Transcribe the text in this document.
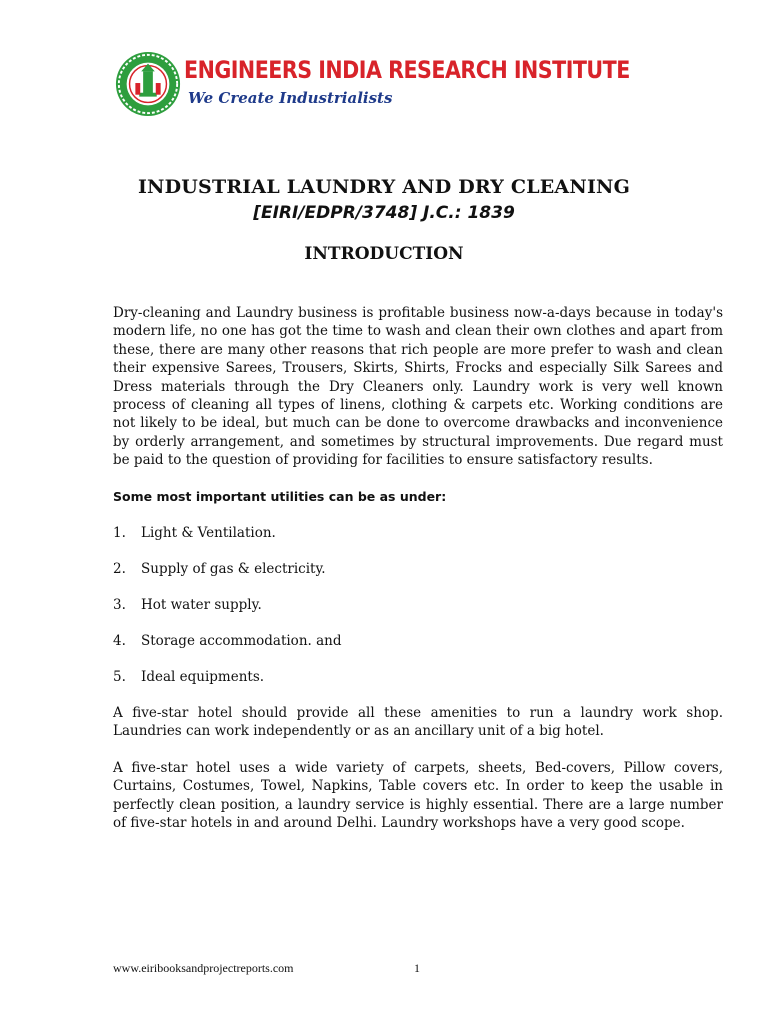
ENGINEERS INDIA RESEARCH INSTITUTE
We Create Industrialists
INDUSTRIAL LAUNDRY AND DRY CLEANING
[EIRI/EDPR/3748] J.C.: 1839
INTRODUCTION

Dry-cleaning and Laundry business is profitable business now-a-days because in today's modern life, no one has got the time to wash and clean their own clothes and apart from these, there are many other reasons that rich people are more prefer to wash and clean their expensive Sarees, Trousers, Skirts, Shirts, Frocks and especially Silk Sarees and Dress materials through the Dry Cleaners only. Laundry work is very well known process of cleaning all types of linens, clothing & carpets etc. Working conditions are not likely to be ideal, but much can be done to overcome drawbacks and inconvenience by orderly arrangement, and sometimes by structural improvements. Due regard must be paid to the question of providing for facilities to ensure satisfactory results.

Some most important utilities can be as under:

1. Light & Ventilation.
2. Supply of gas & electricity.
3. Hot water supply.
4. Storage accommodation. and
5. Ideal equipments.

A five-star hotel should provide all these amenities to run a laundry work shop. Laundries can work independently or as an ancillary unit of a big hotel.

A five-star hotel uses a wide variety of carpets, sheets, Bed-covers, Pillow covers, Curtains, Costumes, Towel, Napkins, Table covers etc. In order to keep the usable in perfectly clean position, a laundry service is highly essential. There are a large number of five-star hotels in and around Delhi. Laundry workshops have a very good scope.

www.eiribooksandprojectreports.com	1
